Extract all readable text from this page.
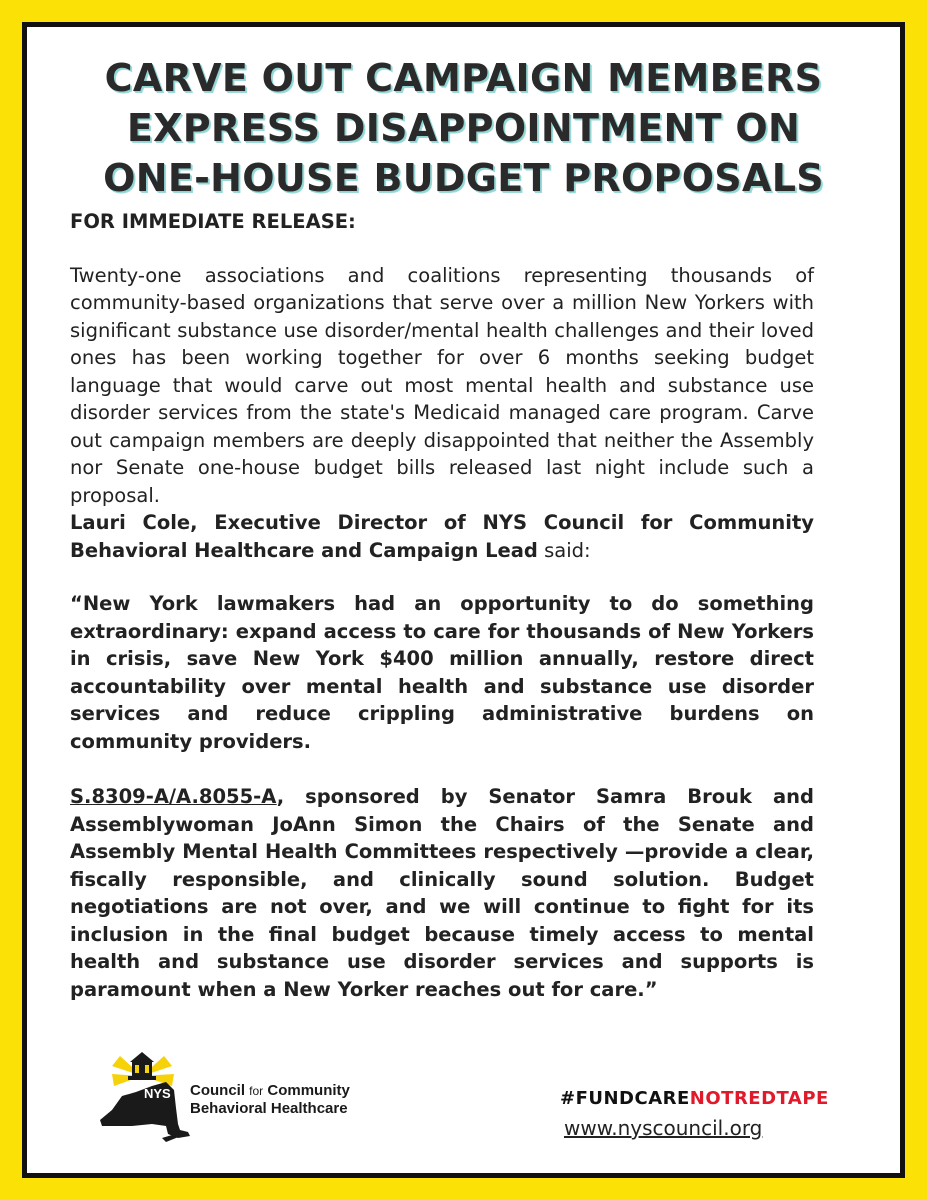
CARVE OUT CAMPAIGN MEMBERS
EXPRESS DISAPPOINTMENT ON
ONE-HOUSE BUDGET PROPOSALS

FOR IMMEDIATE RELEASE:

Twenty-one associations and coalitions representing thousands of community-based organizations that serve over a million New Yorkers with significant substance use disorder/mental health challenges and their loved ones has been working together for over 6 months seeking budget language that would carve out most mental health and substance use disorder services from the state's Medicaid managed care program. Carve out campaign members are deeply disappointed that neither the Assembly nor Senate one-house budget bills released last night include such a proposal.
Lauri Cole, Executive Director of NYS Council for Community Behavioral Healthcare and Campaign Lead said:

“New York lawmakers had an opportunity to do something extraordinary: expand access to care for thousands of New Yorkers in crisis, save New York $400 million annually, restore direct accountability over mental health and substance use disorder services and reduce crippling administrative burdens on community providers.

S.8309-A/A.8055-A, sponsored by Senator Samra Brouk and Assemblywoman JoAnn Simon the Chairs of the Senate and Assembly Mental Health Committees respectively —provide a clear, fiscally responsible, and clinically sound solution. Budget negotiations are not over, and we will continue to fight for its inclusion in the final budget because timely access to mental health and substance use disorder services and supports is paramount when a New Yorker reaches out for care.”

NYS Council for Community
Behavioral Healthcare	#FUNDCARENOTREDTAPE
www.nyscouncil.org
